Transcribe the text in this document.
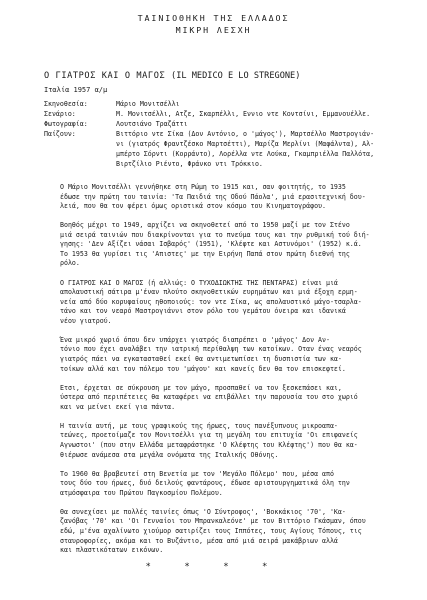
ΤΑΙΝΙΟΘΗΚΗ ΤΗΣ ΕΛΛΑΔΟΣ
ΜΙΚΡΗ ΛΕΣΧΗ
Ο ΓΙΑΤΡΟΣ ΚΑΙ Ο ΜΑΓΟΣ (IL MEDICO E LO STREGONE)
Ιταλία 1957 α/μ
Σκηνοθεσία:	Μάριο Μονιτσέλλι
Σενάριο:	Μ. Μονιτσέλλι, Ατζε, Σκαρπέλλι, Εννιο ντε Κοντσίνι, Εμμανουέλλε.
Φωτογραφία:	Λουτσιάνο Τραζάττι
Παίζουν:	Βιττόριο ντε Σίκα (Δον Αντόνιο, ο 'μάγος'), Μαρτσέλλο Μαστρογιάν-
νι (γιατρός Φραντζέσκο Μαρτσέττι), Μαρίζα Μερλίνι (Μαφάλντα), Αλ-
μπέρτο Σόρντι (Κορράντο), Λορέλλα ντε Λούκα, Γκαμπριέλλα Παλλότα,
Βιρτζίλιο Ριέντο, Φράνκο ντι Τρόκκιο.

Ο Μάριο Μονιτσέλλι γεννήθηκε στη Ρώμη το 1915 και, σαν φοιτητής, το 1935
έδωσε την πρώτη του ταινία: 'Τα Παιδιά της Οδού Πάολα', μιά ερασιτεχνική δου-
λειά, που θα τον φέρει όμως οριστικά στον κόσμο του Κινηματογράφου.

Βοηθός μέχρι το 1949, αρχίζει να σκηνοθετεί από το 1950 μαζί με τον Στένο
μιά σειρά ταινιών που διακρίνονται για το πνεύμα τους και την ρυθμική τού διή-
γησης: 'Δεν Αξίζει νάσαι Ισβαρός' (1951), 'Κλέφτε και Αστυνόμοι' (1952) κ.ά.
Το 1953 θα γυρίσει τις 'Απιστες' με την Ειρήνη Παπά στον πρώτη διεθνή της
ρόλο.

Ο ΓΙΑΤΡΟΣ ΚΑΙ Ο ΜΑΓΟΣ (ή αλλιώς: Ο ΤΥΧΟΔΙΩΚΤΗΣ ΤΗΣ ΠΕΝΤΑΡΑΣ) είναι μιά
απολαυστική σάτιρα μ'έναν πλούτο σκηνοθετικών ευρημάτων και μιά έξοχη ερμη-
νεία από δύο κορυφαίους ηθοποιούς: τον ντε Σίκα, ως απολαυστικό μάγο-τσαρλα-
τάνο και τον νεαρό Μαστρογιάννι στον ρόλο του γεμάτου όνειρα και ιδανικά
νέου γιατρού.

Ένα μικρό χωριό όπου δεν υπάρχει γιατρός διαπρέπει ο 'μάγος' Δον Αν-
τόνιο που έχει αναλάβει την ιατρική περίθαλψη των κατοίκων. Οταν ένας νεαρός
γιατρός πάει να εγκατασταθεί εκεί θα αντιμετωπίσει τη δυσπιστία των κα-
τοίκων αλλά και τον πόλεμο του 'μάγου' και κανείς δεν θα τον επισκεφτεί.

Ετσι, έρχεται σε σύκρουση με τον μάγο, προσπαθεί να τον ξεσκεπάσει και,
ύστερα από περιπέτειες θα καταφέρει να επιβάλλει την παρουσία του στο χωριό
και να μείνει εκεί για πάντα.

Η ταινία αυτή, με τους γραφικούς της ήρωες, τους πανέξυπνους μικροαπα-
τεώνες, προετοίμαζε τον Μονιτσέλλι για τη μεγάλη του επιτυχία 'Οι επιφανείς
Αγνωστοι' (που στην Ελλάδα μεταφράστηκε 'Ο Κλέφτης του Κλέφτης') που θα κα-
θιέρωσε ανάμεσα στα μεγάλα ονόματα της Ιταλικής Οθόνης.

Το 1960 θα βραβευτεί στη Βενετία με τον 'Μεγάλο Πόλεμο' που, μέσα από
τους δύο του ήρωες, δυό δειλούς φαντάρους, έδωσε αριστουργηματικά όλη την
ατμόσφαιρα του Πρώτου Παγκοσμίου Πολέμου.

Θα συνεχίσει με πολλές ταινίες όπως 'Ο Σύντροφος', 'Βοκκάκιος '70', 'Κα-
ζανόβας '70' και 'Οι Γενναίοι του Μπρανκαλεόνε' με τον Βιττόριο Γκάσμαν, όπου
εδώ, μ'ένα αχαλίνωτο χιούμορ σατιρίζει τους Ιππότες, τους Αγίους Τόπους, τις
σταυροφορίες, ακόμα και το Βυζάντιο, μέσα από μιά σειρά μακάβριων αλλά
και πλαστικότατων εικόνων.

* * * *
